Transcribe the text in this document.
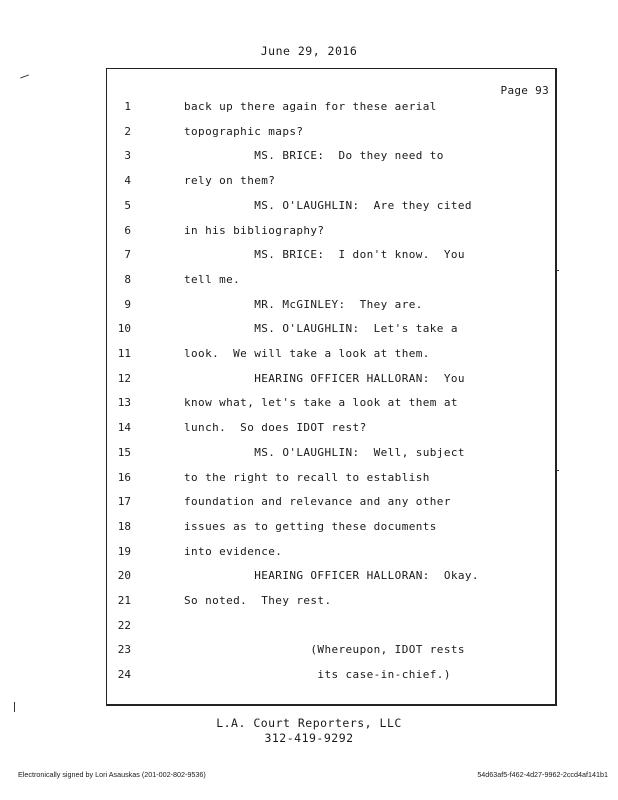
June 29, 2016
Page 93
1	back up there again for these aerial
2	topographic maps?
3	MS. BRICE:  Do they need to
4	rely on them?
5	MS. O'LAUGHLIN:  Are they cited
6	in his bibliography?
7	MS. BRICE:  I don't know.  You
8	tell me.
9	MR. McGINLEY:  They are.
10	MS. O'LAUGHLIN:  Let's take a
11	look.  We will take a look at them.
12	HEARING OFFICER HALLORAN:  You
13	know what, let's take a look at them at
14	lunch.  So does IDOT rest?
15	MS. O'LAUGHLIN:  Well, subject
16	to the right to recall to establish
17	foundation and relevance and any other
18	issues as to getting these documents
19	into evidence.
20	HEARING OFFICER HALLORAN:  Okay.
21	So noted.  They rest.
22
23	(Whereupon, IDOT rests
24	its case-in-chief.)
L.A. Court Reporters, LLC
312-419-9292
Electronically signed by Lori Asauskas (201-002-802-9536)	54d63af5-f462-4d27-9962-2ccd4af141b1
